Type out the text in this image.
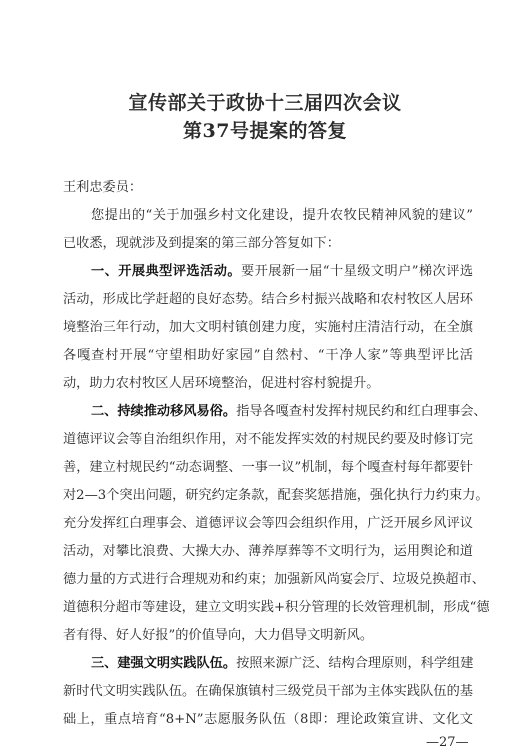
宣传部关于政协十三届四次会议
第37号提案的答复
王利忠委员：
您提出的“关于加强乡村文化建设，提升农牧民精神风貌的建议”
已收悉，现就涉及到提案的第三部分答复如下：
一、开展典型评选活动。要开展新一届“十星级文明户”梯次评选
活动，形成比学赶超的良好态势。结合乡村振兴战略和农村牧区人居环
境整治三年行动，加大文明村镇创建力度，实施村庄清洁行动，在全旗
各嘎查村开展“守望相助好家园”自然村、“干净人家”等典型评比活
动，助力农村牧区人居环境整治，促进村容村貌提升。
二、持续推动移风易俗。指导各嘎查村发挥村规民约和红白理事会、
道德评议会等自治组织作用，对不能发挥实效的村规民约要及时修订完
善，建立村规民约“动态调整、一事一议”机制，每个嘎查村每年都要针
对2—3个突出问题，研究约定条款，配套奖惩措施，强化执行力约束力。
充分发挥红白理事会、道德评议会等四会组织作用，广泛开展乡风评议
活动，对攀比浪费、大操大办、薄养厚葬等不文明行为，运用舆论和道
德力量的方式进行合理规劝和约束；加强新风尚宴会厅、垃圾兑换超市、
道德积分超市等建设，建立文明实践+积分管理的长效管理机制，形成“德
者有得、好人好报”的价值导向，大力倡导文明新风。
三、建强文明实践队伍。按照来源广泛、结构合理原则，科学组建
新时代文明实践队伍。在确保旗镇村三级党员干部为主体实践队伍的基
础上，重点培育“8+N”志愿服务队伍（8即：理论政策宣讲、文化文
—27—
